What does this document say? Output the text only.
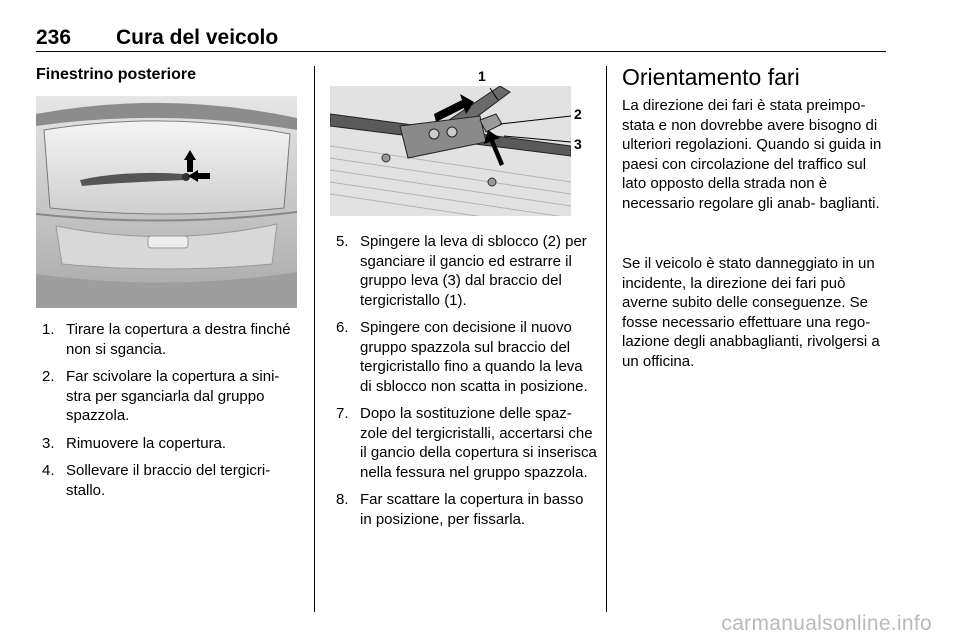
236 Cura del veicolo
Finestrino posteriore
1. Tirare la copertura a destra finché non si sgancia.
2. Far scivolare la copertura a sini- stra per sganciarla dal gruppo spazzola.
3. Rimuovere la copertura.
4. Sollevare il braccio del tergicri- stallo.
1
2
3
5. Spingere la leva di sblocco (2) per sganciare il gancio ed estrarre il gruppo leva (3) dal braccio del tergicristallo (1).
6. Spingere con decisione il nuovo gruppo spazzola sul braccio del tergicristallo fino a quando la leva di sblocco non scatta in posizione.
7. Dopo la sostituzione delle spaz- zole del tergicristalli, accertarsi che il gancio della copertura si inserisca nella fessura nel gruppo spazzola.
8. Far scattare la copertura in basso in posizione, per fissarla.
Orientamento fari

La direzione dei fari è stata preimpo- stata e non dovrebbe avere bisogno di ulteriori regolazioni. Quando si guida in paesi con circolazione del traffico sul lato opposto della strada non è necessario regolare gli anab- baglianti.

Se il veicolo è stato danneggiato in un incidente, la direzione dei fari può averne subito delle conseguenze. Se fosse necessario effettuare una rego- lazione degli anabbaglianti, rivolgersi a un officina.

carmanualsonline.info
